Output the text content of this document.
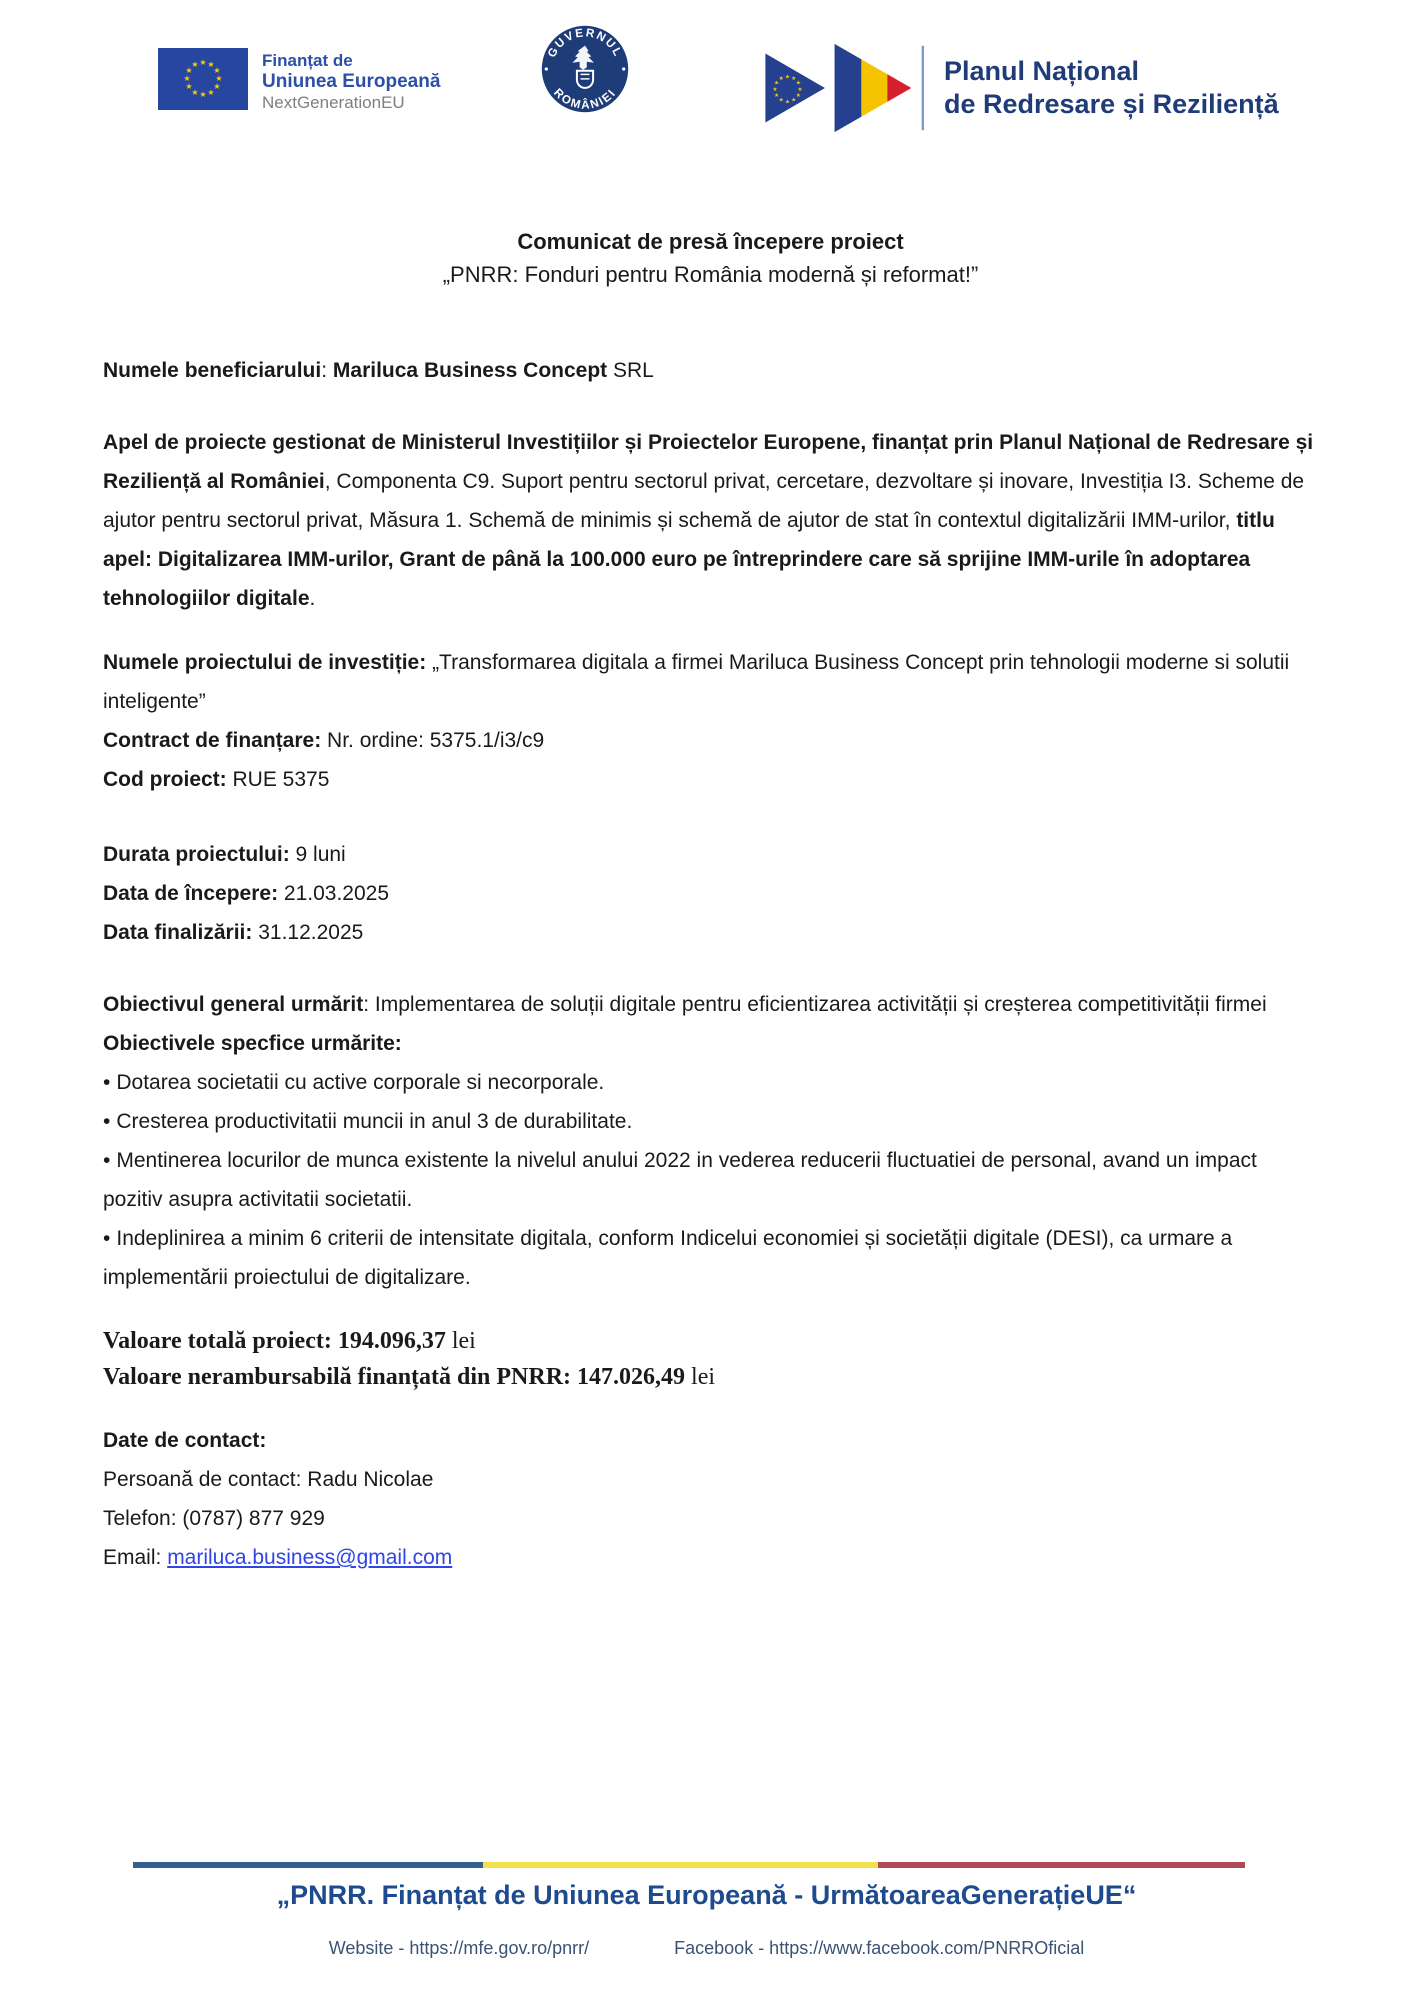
★ ★
★
★
★
★
★
★
★
★
★
★	Finanțat de
Uniunea Europeană
NextGenerationEU
GUVERNUL
ROMÂNIEI
★ ★
★
★
★
★
★
★
★
★
★
★	Planul Național
de Redresare și Reziliență
Comunicat de presă începere proiect
„PNRR: Fonduri pentru România modernă și reformat!”
Numele beneficiarului: Mariluca Business Concept SRL
Apel de proiecte gestionat de Ministerul Investițiilor și Proiectelor Europene, finanțat prin Planul Național de Redresare și Reziliență al României, Componenta C9. Suport pentru sectorul privat, cercetare, dezvoltare și inovare, Investiția I3. Scheme de ajutor pentru sectorul privat, Măsura 1. Schemă de minimis și schemă de ajutor de stat în contextul digitalizării IMM-urilor, titlu apel: Digitalizarea IMM-urilor, Grant de până la 100.000 euro pe întreprindere care să sprijine IMM-urile în adoptarea tehnologiilor digitale.
Numele proiectului de investiție: „Transformarea digitala a firmei Mariluca Business Concept prin tehnologii moderne si solutii inteligente”
Contract de finanțare: Nr. ordine: 5375.1/i3/c9
Cod proiect: RUE 5375
Durata proiectului: 9 luni
Data de începere: 21.03.2025
Data finalizării: 31.12.2025
Obiectivul general urmărit: Implementarea de soluții digitale pentru eficientizarea activității și creșterea competitivității firmei
Obiectivele specfice urmărite:
• Dotarea societatii cu active corporale si necorporale.
• Cresterea productivitatii muncii in anul 3 de durabilitate.
• Mentinerea locurilor de munca existente la nivelul anului 2022 in vederea reducerii fluctuatiei de personal, avand un impact pozitiv asupra activitatii societatii.
• Indeplinirea a minim 6 criterii de intensitate digitala, conform Indicelui economiei și societății digitale (DESI), ca urmare a implementării proiectului de digitalizare.
Valoare totală proiect: 194.096,37 lei
Valoare nerambursabilă finanțată din PNRR: 147.026,49 lei
Date de contact:
Persoană de contact: Radu Nicolae
Telefon: (0787) 877 929
Email: mariluca.business@gmail.com
„PNRR. Finanțat de Uniunea Europeană - UrmătoareaGenerațieUE“
Website - https://mfe.gov.ro/pnrr/	Facebook - https://www.facebook.com/PNRROficial
